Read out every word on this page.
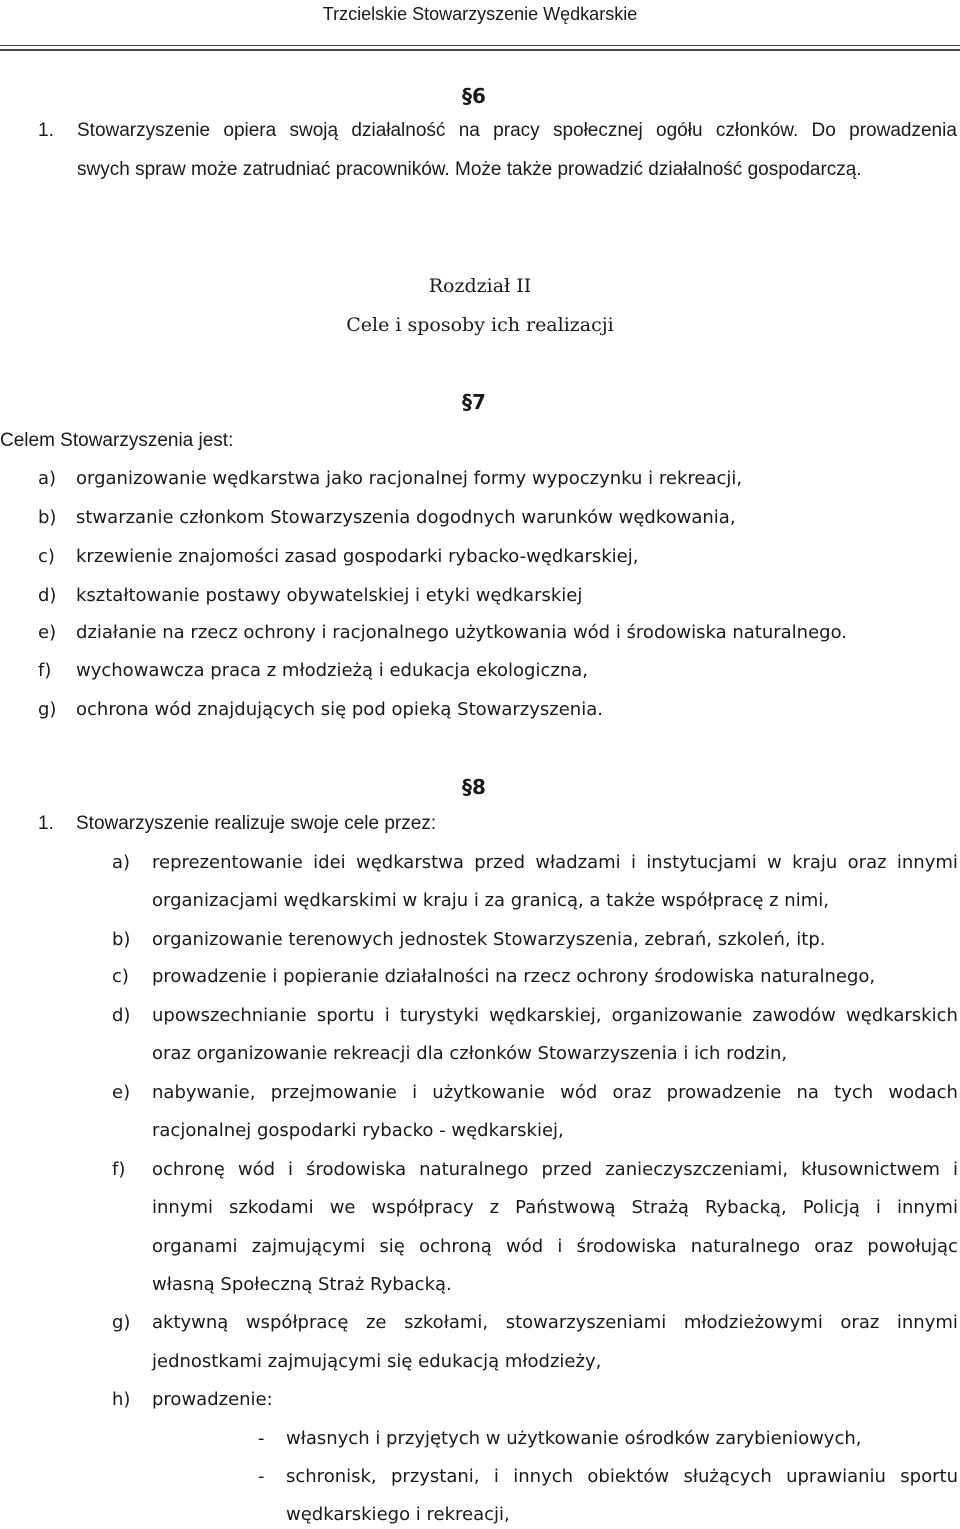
Trzcielskie Stowarzyszenie Wędkarskie
§6
1. Stowarzyszenie opiera swoją działalność na pracy społecznej ogółu członków. Do prowadzenia
swych spraw może zatrudniać pracowników. Może także prowadzić działalność gospodarczą.
Rozdział II
Cele i sposoby ich realizacji
§7
Celem Stowarzyszenia jest:
a) organizowanie wędkarstwa jako racjonalnej formy wypoczynku i rekreacji,
b) stwarzanie członkom Stowarzyszenia dogodnych warunków wędkowania,
c) krzewienie znajomości zasad gospodarki rybacko-wędkarskiej,
d) kształtowanie postawy obywatelskiej i etyki wędkarskiej
e) działanie na rzecz ochrony i racjonalnego użytkowania wód i środowiska naturalnego.
f) wychowawcza praca z młodzieżą i edukacja ekologiczna,
g) ochrona wód znajdujących się pod opieką Stowarzyszenia.
§8
1. Stowarzyszenie realizuje swoje cele przez:
a) reprezentowanie idei wędkarstwa przed władzami i instytucjami w kraju oraz innymi
organizacjami wędkarskimi w kraju i za granicą, a także współpracę z nimi,
b) organizowanie terenowych jednostek Stowarzyszenia, zebrań, szkoleń, itp.
c) prowadzenie i popieranie działalności na rzecz ochrony środowiska naturalnego,
d) upowszechnianie sportu i turystyki wędkarskiej, organizowanie zawodów wędkarskich
oraz organizowanie rekreacji dla członków Stowarzyszenia i ich rodzin,
e) nabywanie, przejmowanie i użytkowanie wód oraz prowadzenie na tych wodach
racjonalnej gospodarki rybacko - wędkarskiej,
f) ochronę wód i środowiska naturalnego przed zanieczyszczeniami, kłusownictwem i
innymi szkodami we współpracy z Państwową Strażą Rybacką, Policją i innymi
organami zajmującymi się ochroną wód i środowiska naturalnego oraz powołując
własną Społeczną Straż Rybacką.
g) aktywną współpracę ze szkołami, stowarzyszeniami młodzieżowymi oraz innymi
jednostkami zajmującymi się edukacją młodzieży,
h) prowadzenie:
- własnych i przyjętych w użytkowanie ośrodków zarybieniowych,
- schronisk, przystani, i innych obiektów służących uprawianiu sportu
wędkarskiego i rekreacji,
